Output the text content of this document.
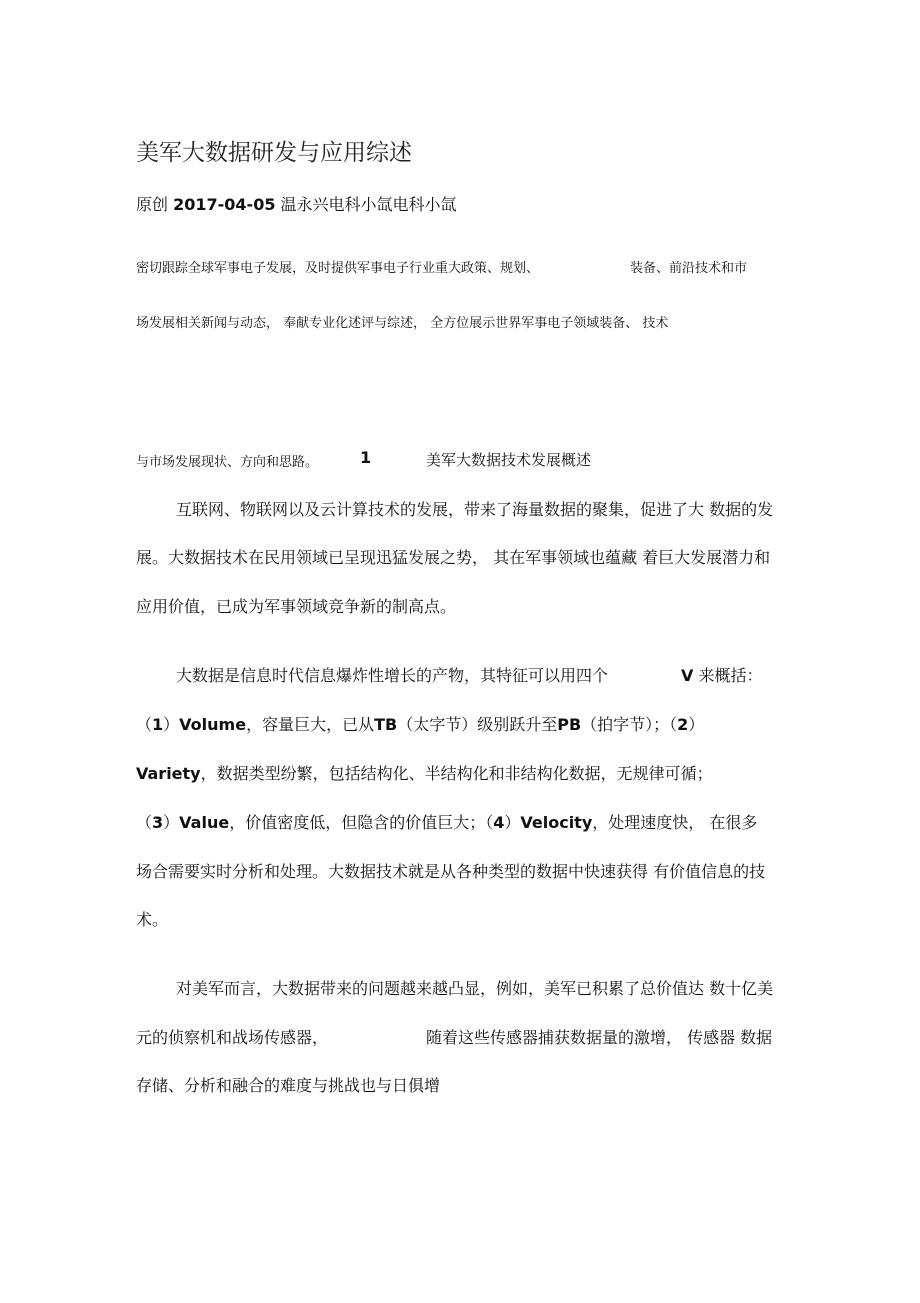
美军大数据研发与应用综述
原创 2017-04-05 温永兴电科小氙电科小氙
密切跟踪全球军事电子发展，及时提供军事电子行业重大政策、规划、	装备、前沿技术和市
场发展相关新闻与动态， 奉献专业化述评与综述， 全方位展示世界军事电子领域装备、 技术
与市场发展现状、方向和思路。	1	美军大数据技术发展概述
互联网、物联网以及云计算技术的发展，带来了海量数据的聚集，促进了大 数据的发
展。大数据技术在民用领域已呈现迅猛发展之势， 其在军事领域也蕴藏 着巨大发展潜力和
应用价值，已成为军事领域竞争新的制高点。
大数据是信息时代信息爆炸性增长的产物，其特征可以用四个	V 来概括：
（1）Volume，容量巨大，已从TB（太字节）级别跃升至PB（拍字节）；（2）
Variety，数据类型纷繁，包括结构化、半结构化和非结构化数据，无规律可循；
（3）Value，价值密度低，但隐含的价值巨大；（4）Velocity，处理速度快， 在很多
场合需要实时分析和处理。大数据技术就是从各种类型的数据中快速获得 有价值信息的技
术。
对美军而言，大数据带来的问题越来越凸显，例如，美军已积累了总价值达 数十亿美
元的侦察机和战场传感器，	随着这些传感器捕获数据量的激增， 传感器 数据
存储、分析和融合的难度与挑战也与日俱增
